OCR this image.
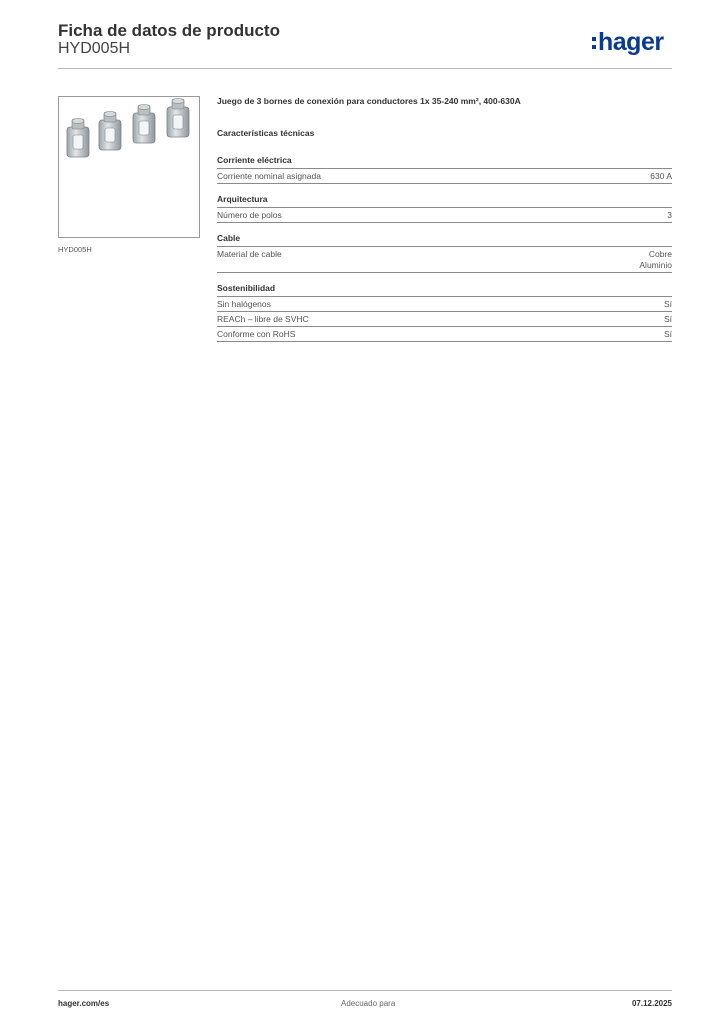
Ficha de datos de producto
HYD005H	hager
HYD005H

Juego de 3 bornes de conexión para conductores 1x 35-240 mm², 400-630A

Características técnicas

Corriente eléctrica
Corriente nominal asignada	630 A
Arquitectura
Número de polos	3
Cable
Material de cable	Cobre
Aluminio
Sostenibilidad
Sin halógenos	Sí
REACh – libre de SVHC	Sí
Conforme con RoHS	Sí
hager.com/es	Adecuado para	07.12.2025
